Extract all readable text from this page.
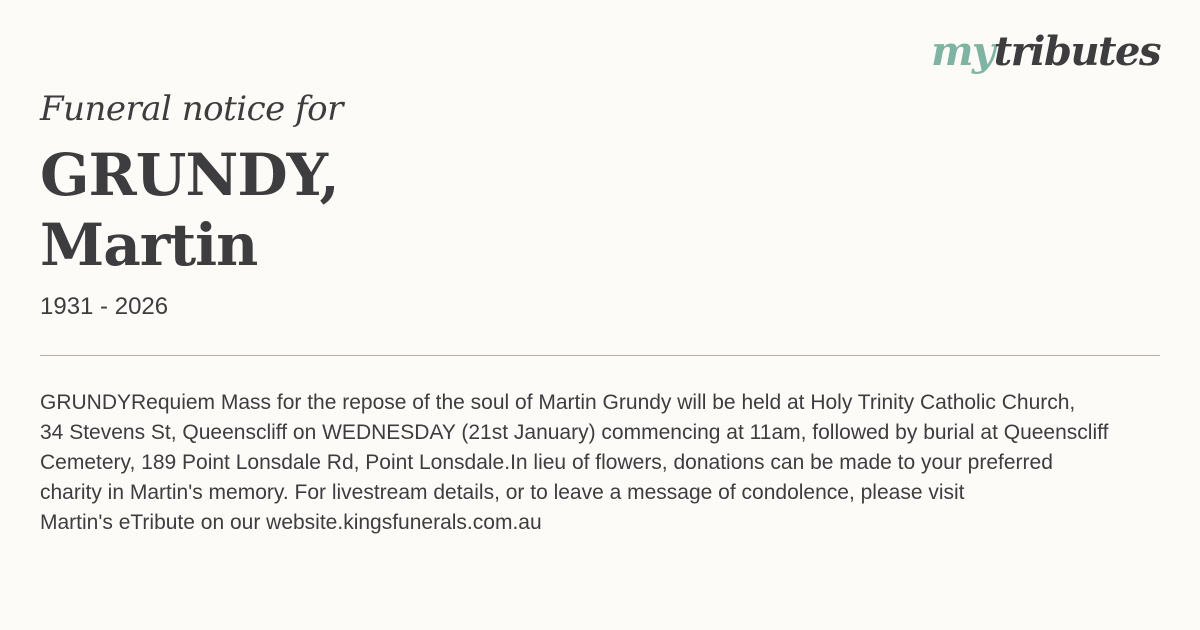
mytributes
Funeral notice for
GRUNDY,
Martin
1931 - 2026
GRUNDYRequiem Mass for the repose of the soul of Martin Grundy will be held at Holy Trinity Catholic Church,
34 Stevens St, Queenscliff on WEDNESDAY (21st January) commencing at 11am, followed by burial at Queenscliff
Cemetery, 189 Point Lonsdale Rd, Point Lonsdale.In lieu of flowers, donations can be made to your preferred
charity in Martin's memory. For livestream details, or to leave a message of condolence, please visit
Martin's eTribute on our website.kingsfunerals.com.au
